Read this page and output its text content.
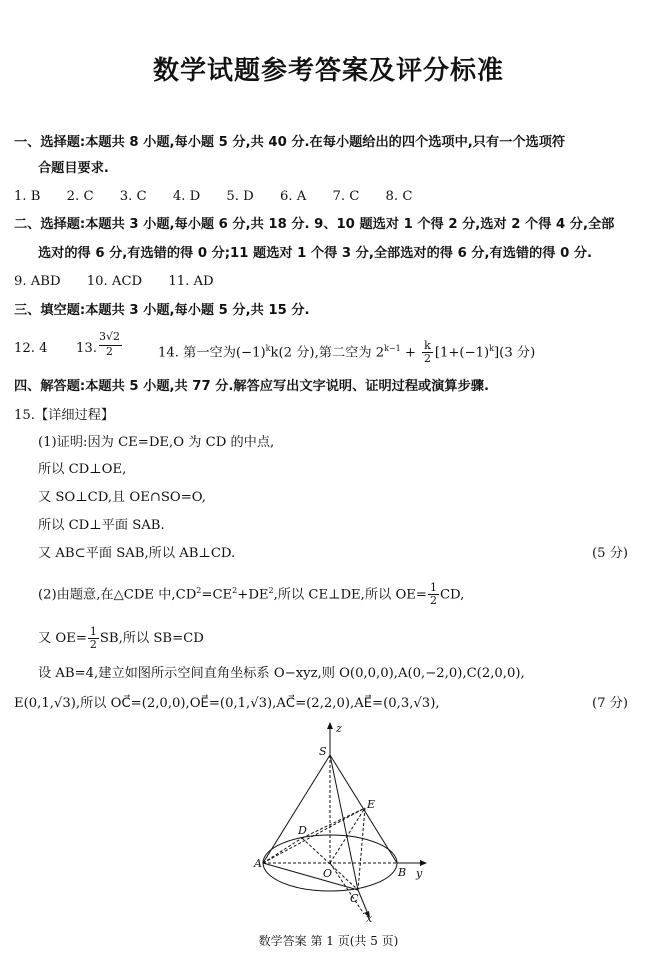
数学试题参考答案及评分标准
一、选择题:本题共 8 小题,每小题 5 分,共 40 分.在每小题给出的四个选项中,只有一个选项符
合题目要求.
1. B 2. C 3. C 4. D 5. D 6. A 7. C 8. C
二、选择题:本题共 3 小题,每小题 6 分,共 18 分. 9、10 题选对 1 个得 2 分,选对 2 个得 4 分,全部
选对的得 6 分,有选错的得 0 分;11 题选对 1 个得 3 分,全部选对的得 6 分,有选错的得 0 分.
9. ABD 10. ACD 11. AD
三、填空题:本题共 3 小题,每小题 5 分,共 15 分.
12. 4 13.
3√2
2	14. 第一空为$(-1)^kk(2$ 分),第二空为 $2^{k-1} + \frac{k}{2} [1+(-1)^k](3$ 分)
四、解答题:本题共 5 小题,共 77 分.解答应写出文字说明、证明过程或演算步骤.
15.【详细过程】
(1)证明:因为 CE=DE,O 为 CD 的中点,
所以 CD⊥OE,
又 SO⊥CD,且 OE∩SO=O,
所以 CD⊥平面 SAB.
又 AB⊂平面 SAB,所以 AB⊥CD.	(5 分)
(2)由题意,在△CDE 中$,CD^2=CE^2+DE^2$,所以 CE⊥DE,所以 $OE= \frac{1}{2}$ CD,
又 $OE= \frac{1}{2}$ SB,所以 SB=CD
设 AB=4,建立如图所示空间直角坐标系 O−xyz,则 O(0,0,0),A(0,−2,0),C(2,0,0),
E(0,1,√3),所以 OC⃗=(2,0,0),OE⃗=(0,1,√3),AC⃗=(2,2,0),AE⃗=(0,3,√3),	(7 分)
z
S
E
D
A
O	B y
C
x
数学答案 第 1 页(共 5 页)
